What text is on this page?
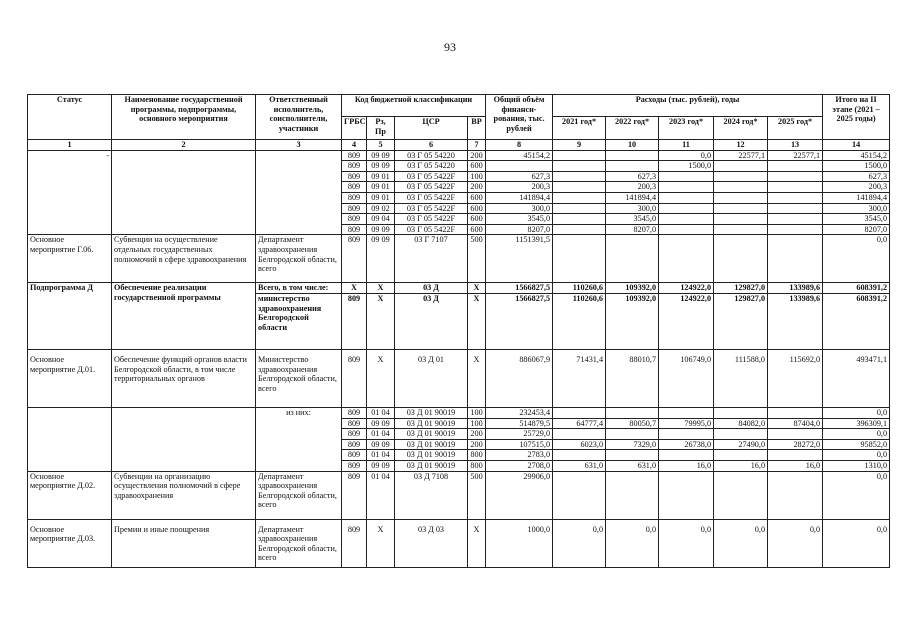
93
Статус	Наименование государственной программы, подпрограммы, основного мероприятия	Ответственный исполнитель, соисполнители, участники	Код бюджетной классификации				Общий объём финанси-рования, тыс. рублей	Расходы (тыс. рублей), годы					Итого на II этапе (2021 – 2025 годы)
			ГРБС	Рз, Пр	ЦСР	ВР		2021 год*	2022 год*	2023 год*	2024 год*	2025 год*	
1	2	3	4	5	6	7	8	9	10	11	12	13	14
-			809	09 09	03 Г 05 54220	200	45154,2			0,0	22577,1	22577,1	45154,2
			809	09 09	03 Г 05 54220	600				1500,0			1500,0
			809	09 01	03 Г 05 5422F	100	627,3		627,3				627,3
			809	09 01	03 Г 05 5422F	200	200,3		200,3				200,3
			809	09 01	03 Г 05 5422F	600	141894,4		141894,4				141894,4
			809	09 02	03 Г 05 5422F	600	300,0		300,0				300,0
			809	09 04	03 Г 05 5422F	600	3545,0		3545,0				3545,0
			809	09 09	03 Г 05 5422F	600	8207,0		8207,0				8207,0
Основное мероприятие Г.06.	Субвенции на осуществление отдельных государственных полномочий в сфере здравоохранения	Департамент здравоохранения Белгородской области, всего	809	09 09	03 Г 7107	500	1151391,5						0,0
Подпрограмма Д	Обеспечение реализации государственной программы	Всего, в том числе:	X	X	03 Д	X	1566827,5	110260,6	109392,0	124922,0	129827,0	133989,6	608391,2
		министерство здравоохранения Белгородской области	809	X	03 Д	X	1566827,5	110260,6	109392,0	124922,0	129827,0	133989,6	608391,2
Основное мероприятие Д.01.	Обеспечение функций органов власти Белгородской области, в том числе территориальных органов	Министерство здравоохранения Белгородской области, всего	809	X	03 Д 01	X	886067,9	71431,4	88010,7	106749,0	111588,0	115692,0	493471,1
		из них:	809	01 04	03 Д 01 90019	100	232453,4						0,0
			809	09 09	03 Д 01 90019	100	514879,5	64777,4	80050,7	79995,0	84082,0	87404,0	396309,1
			809	01 04	03 Д 01 90019	200	25729,0						0,0
			809	09 09	03 Д 01 90019	200	107515,0	6023,0	7329,0	26738,0	27490,0	28272,0	95852,0
			809	01 04	03 Д 01 90019	800	2783,0						0,0
			809	09 09	03 Д 01 90019	800	2708,0	631,0	631,0	16,0	16,0	16,0	1310,0
Основное мероприятие Д.02.	Субвенции на организацию осуществления полномочий в сфере здравоохранения	Департамент здравоохранения Белгородской области, всего	809	01 04	03 Д 7108	500	29906,0						0,0
Основное мероприятие Д.03.	Премии и иные поощрения	Департамент здравоохранения Белгородской области, всего	809	X	03 Д 03	X	1000,0	0,0	0,0	0,0	0,0	0,0	0,0
